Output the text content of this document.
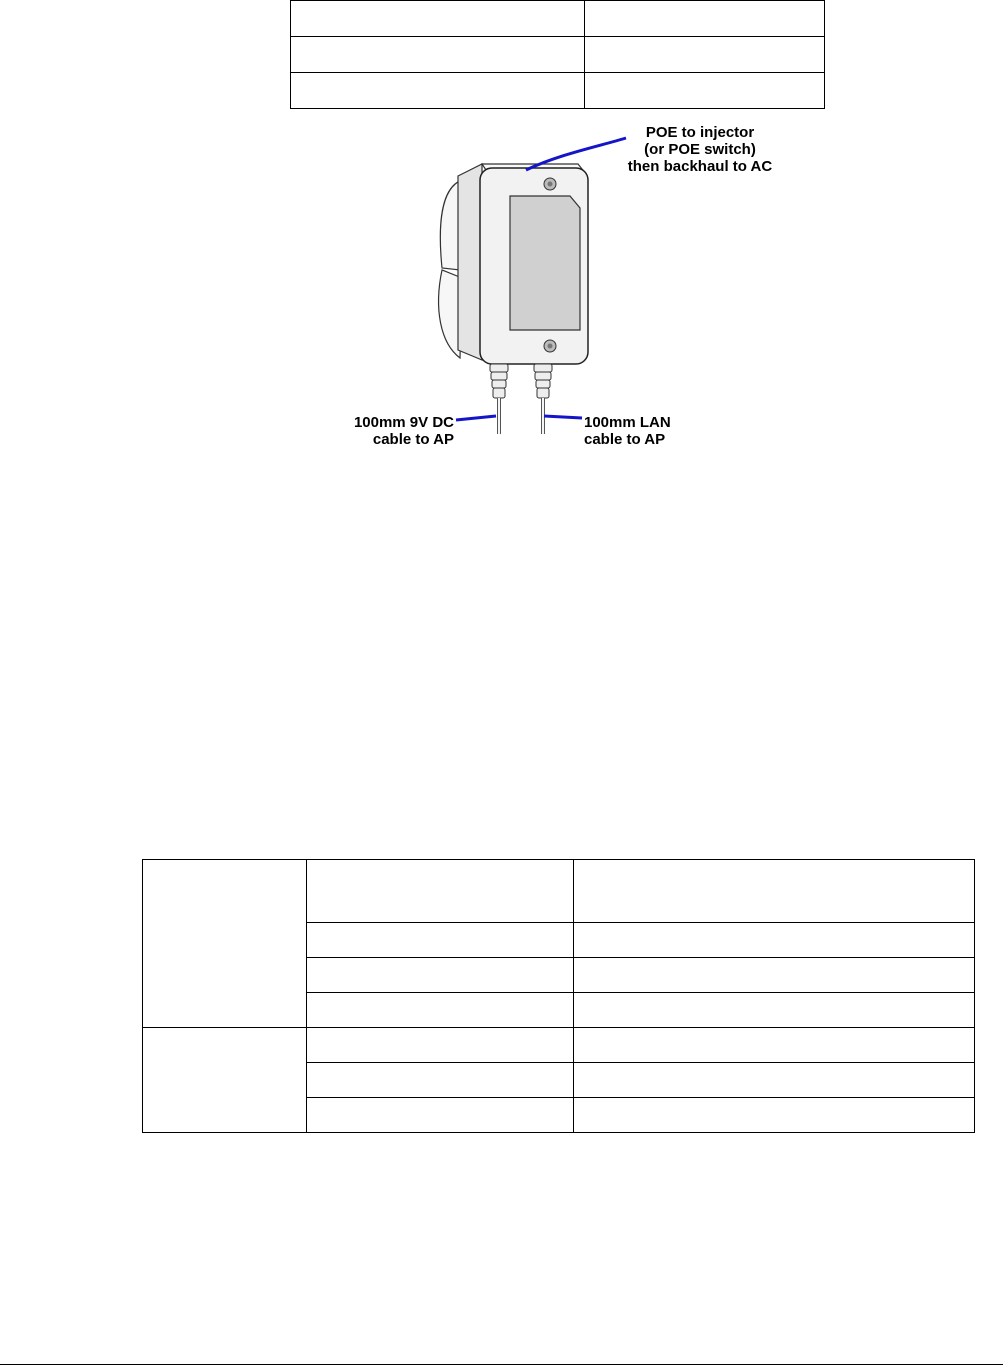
POE to injector
(or POE switch)
then backhaul to AC
100mm 9V DC
cable to AP
100mm LAN
cable to AP
